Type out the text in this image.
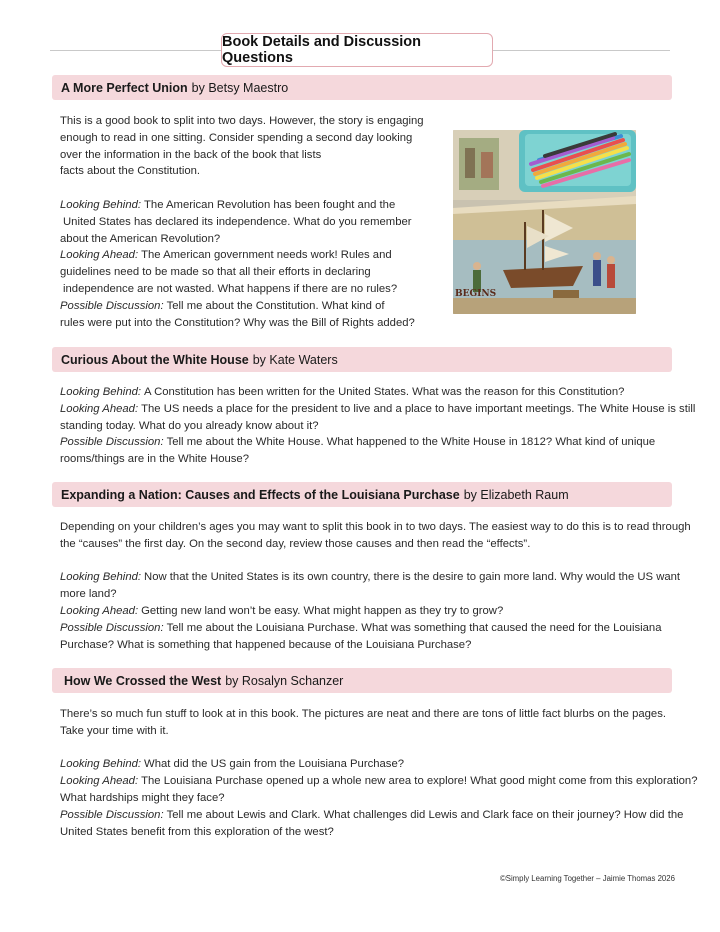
Book Details and Discussion Questions
A More Perfect Union by Betsy Maestro

This is a good book to split into two days. However, the story is engaging

enough to read in one sitting. Consider spending a second day looking

over the information in the back of the book that lists

facts about the Constitution.

Looking Behind: The American Revolution has been fought and the

United States has declared its independence. What do you remember

about the American Revolution?

Looking Ahead: The American government needs work! Rules and

guidelines need to be made so that all their efforts in declaring

independence are not wasted. What happens if there are no rules?

Possible Discussion: Tell me about the Constitution. What kind of

rules were put into the Constitution? Why was the Bill of Rights added?

BEGINS
Curious About the White House by Kate Waters

Looking Behind: A Constitution has been written for the United States. What was the reason for this Constitution?

Looking Ahead: The US needs a place for the president to live and a place to have important meetings. The White House is still

standing today. What do you already know about it?

Possible Discussion: Tell me about the White House. What happened to the White House in 1812? What kind of unique

rooms/things are in the White House?

Expanding a Nation: Causes and Effects of the Louisiana Purchase by Elizabeth Raum

Depending on your children’s ages you may want to split this book in to two days. The easiest way to do this is to read through

the “causes” the first day. On the second day, review those causes and then read the “effects”.

Looking Behind: Now that the United States is its own country, there is the desire to gain more land. Why would the US want

more land?

Looking Ahead: Getting new land won’t be easy. What might happen as they try to grow?

Possible Discussion: Tell me about the Louisiana Purchase. What was something that caused the need for the Louisiana

Purchase? What is something that happened because of the Louisiana Purchase?

How We Crossed the West by Rosalyn Schanzer

There’s so much fun stuff to look at in this book. The pictures are neat and there are tons of little fact blurbs on the pages.

Take your time with it.

Looking Behind: What did the US gain from the Louisiana Purchase?

Looking Ahead: The Louisiana Purchase opened up a whole new area to explore! What good might come from this exploration?

What hardships might they face?

Possible Discussion: Tell me about Lewis and Clark. What challenges did Lewis and Clark face on their journey? How did the

United States benefit from this exploration of the west?

©Simply Learning Together – Jaimie Thomas 2026
